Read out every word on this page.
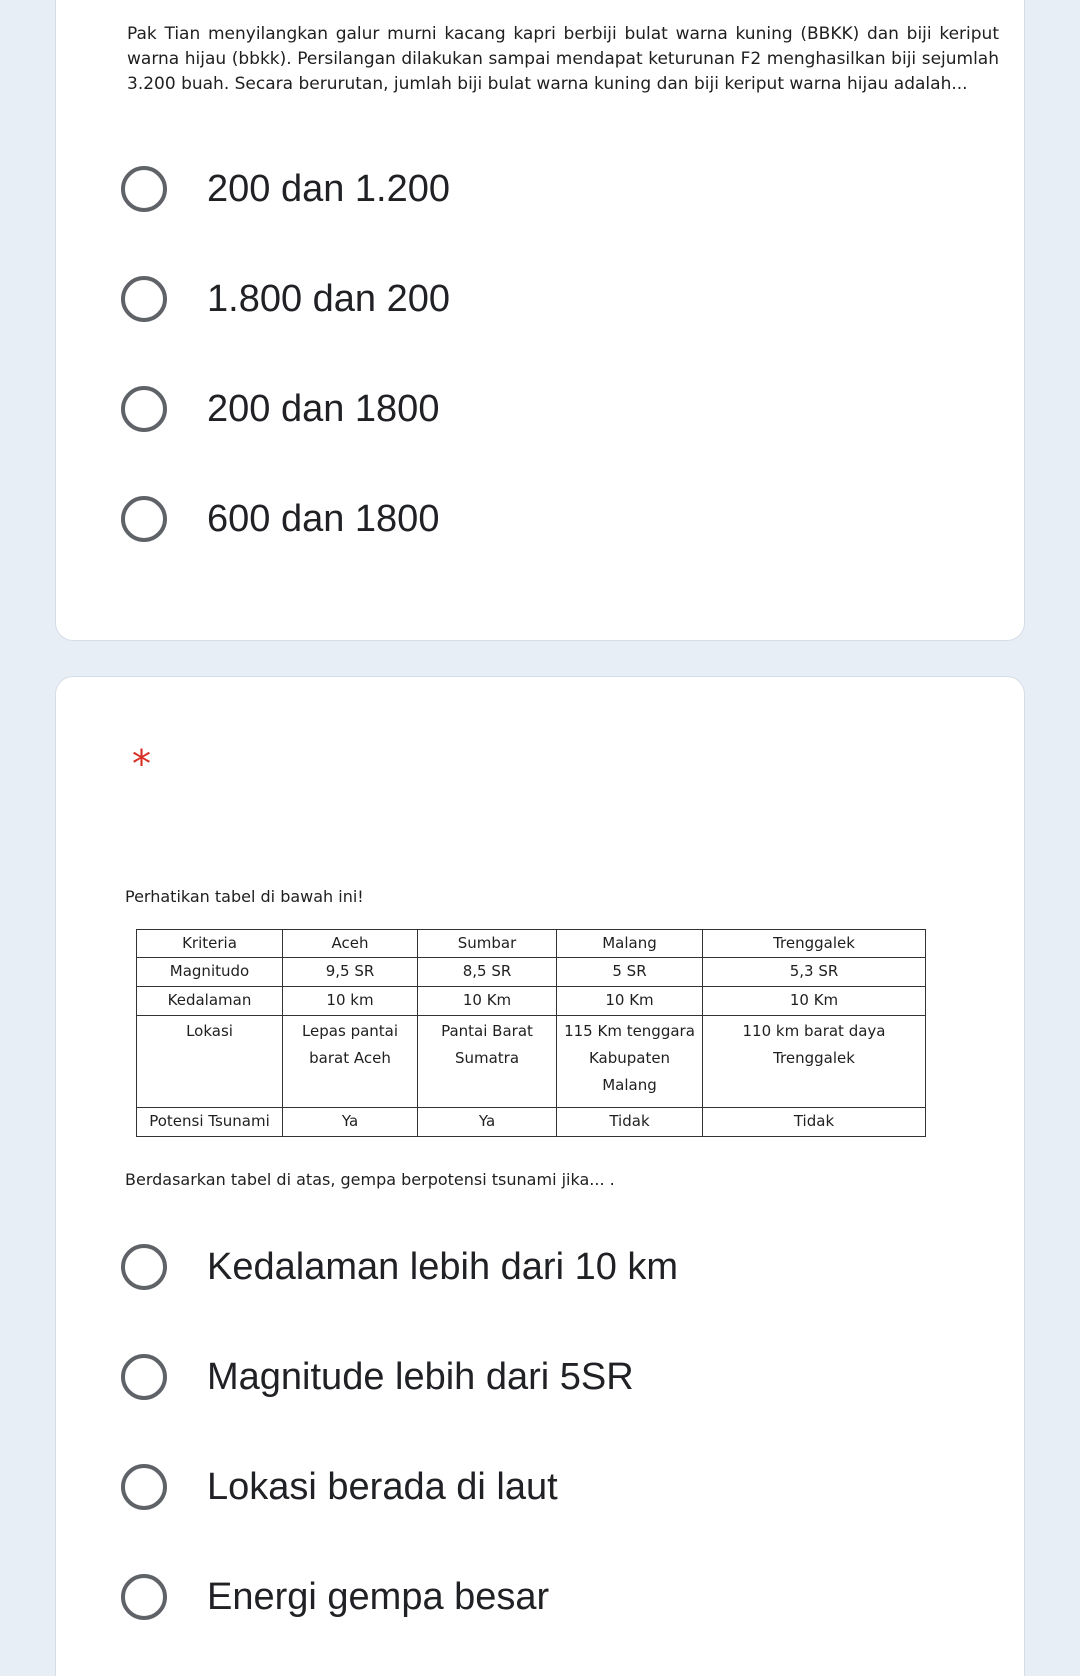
Pak Tian menyilangkan galur murni kacang kapri berbiji bulat warna kuning (BBKK) dan biji keriput warna hijau (bbkk). Persilangan dilakukan sampai mendapat keturunan F2 menghasilkan biji sejumlah 3.200 buah. Secara berurutan, jumlah biji bulat warna kuning dan biji keriput warna hijau adalah...

200 dan 1.200
1.800 dan 200
200 dan 1800
600 dan 1800
*
Perhatikan tabel di bawah ini!
Kriteria	Aceh	Sumbar	Malang	Trenggalek
Magnitudo	9,5 SR	8,5 SR	5 SR	5,3 SR
Kedalaman	10 km	10 Km	10 Km	10 Km
Lokasi	Lepas pantai barat Aceh	Pantai Barat Sumatra	115 Km tenggara Kabupaten Malang	110 km barat daya Trenggalek
Potensi Tsunami	Ya	Ya	Tidak	Tidak
Berdasarkan tabel di atas, gempa berpotensi tsunami jika... .
Kedalaman lebih dari 10 km
Magnitude lebih dari 5SR
Lokasi berada di laut
Energi gempa besar
